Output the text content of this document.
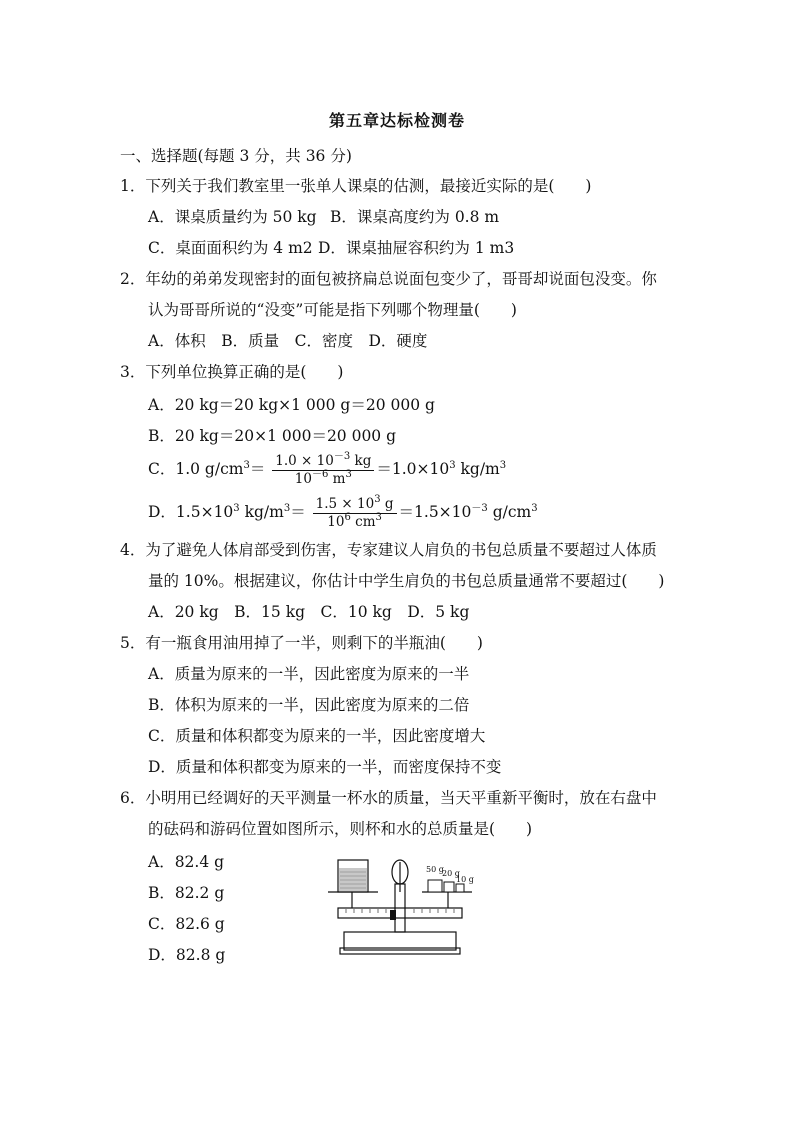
第五章达标检测卷
一、选择题(每题 3 分，共 36 分)
1．下列关于我们教室里一张单人课桌的估测，最接近实际的是(　　)
A．课桌质量约为 50 kg B．课桌高度约为 0.8 m
C．桌面面积约为 4 m2 D．课桌抽屉容积约为 1 m3
2．年幼的弟弟发现密封的面包被挤扁总说面包变少了，哥哥却说面包没变。你
认为哥哥所说的“没变”可能是指下列哪个物理量(　　)
A．体积　B．质量　C．密度　D．硬度
3．下列单位换算正确的是(　　)
A．20 kg＝20 kg×1 000 g＝20 000 g
B．20 kg＝20×1 000＝20 000 g
C．1.0 $g/cm^3= \frac{1.0 \times 10^{-3} kg}{10^{-6} m^3} =1.0\times 10^3$ $kg/m^3$
D．$1.5\times 10^3$ $kg/m^3= \frac{1.5 \times 10^3 g}{10^6 cm^3} =1.5\times 10^{-3}$ $g/cm^3$
4．为了避免人体肩部受到伤害，专家建议人肩负的书包总质量不要超过人体质
量的 10%。根据建议，你估计中学生肩负的书包总质量通常不要超过(　　)
A．20 kg　B．15 kg　C．10 kg　D．5 kg
5．有一瓶食用油用掉了一半，则剩下的半瓶油(　　)
A．质量为原来的一半，因此密度为原来的一半
B．体积为原来的一半，因此密度为原来的二倍
C．质量和体积都变为原来的一半，因此密度增大
D．质量和体积都变为原来的一半，而密度保持不变
6．小明用已经调好的天平测量一杯水的质量，当天平重新平衡时，放在右盘中
的砝码和游码位置如图所示，则杯和水的总质量是(　　)
A．82.4 g
B．82.2 g
C．82.6 g
D．82.8 g
50 g
20 g
10 g
